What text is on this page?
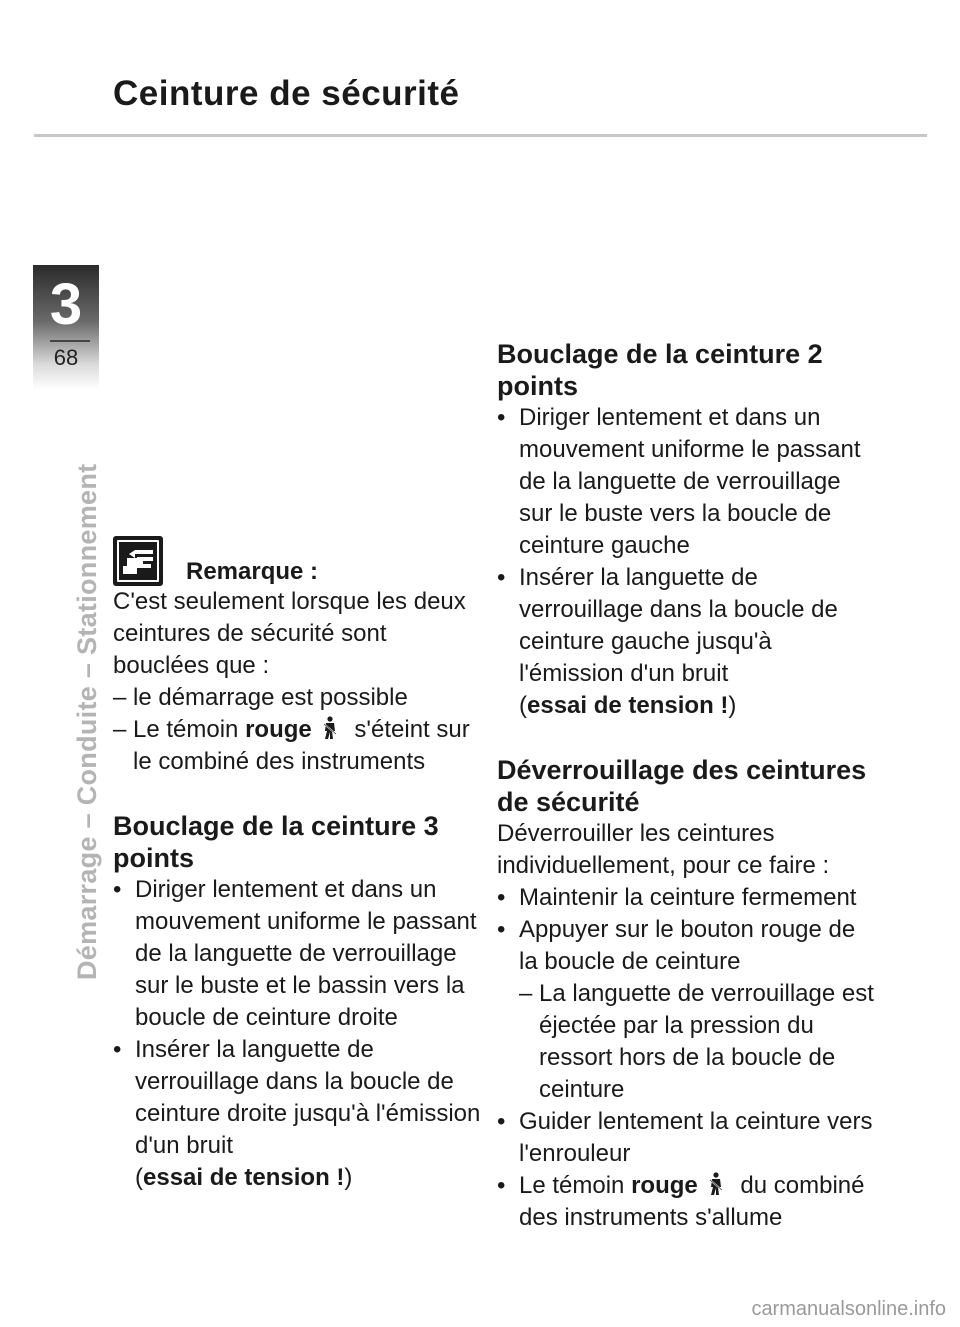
Ceinture de sécurité
3
68
Démarrage – Conduite – Stationnement	Remarque :
C'est seulement lorsque les deux ceintures de sécurité sont bouclées que :
– le démarrage est possible
– Le témoin rouge s'éteint sur le combiné des instruments
Bouclage de la ceinture 3 points
• Diriger lentement et dans un mouvement uniforme le passant de la languette de verrouillage sur le buste et le bassin vers la boucle de ceinture droite
• Insérer la languette de verrouillage dans la boucle de ceinture droite jusqu'à l'émission d'un bruit
(essai de tension !)
Bouclage de la ceinture 2 points
• Diriger lentement et dans un mouvement uniforme le passant de la languette de verrouillage sur le buste vers la boucle de ceinture gauche
• Insérer la languette de verrouillage dans la boucle de ceinture gauche jusqu'à l'émission d'un bruit
(essai de tension !)
Déverrouillage des ceintures de sécurité
Déverrouiller les ceintures individuellement, pour ce faire :
• Maintenir la ceinture fermement
• Appuyer sur le bouton rouge de la boucle de ceinture
– La languette de verrouillage est éjectée par la pression du ressort hors de la boucle de ceinture
• Guider lentement la ceinture vers l'enrouleur
• Le témoin rouge du combiné des instruments s'allume
carmanualsonline.info
